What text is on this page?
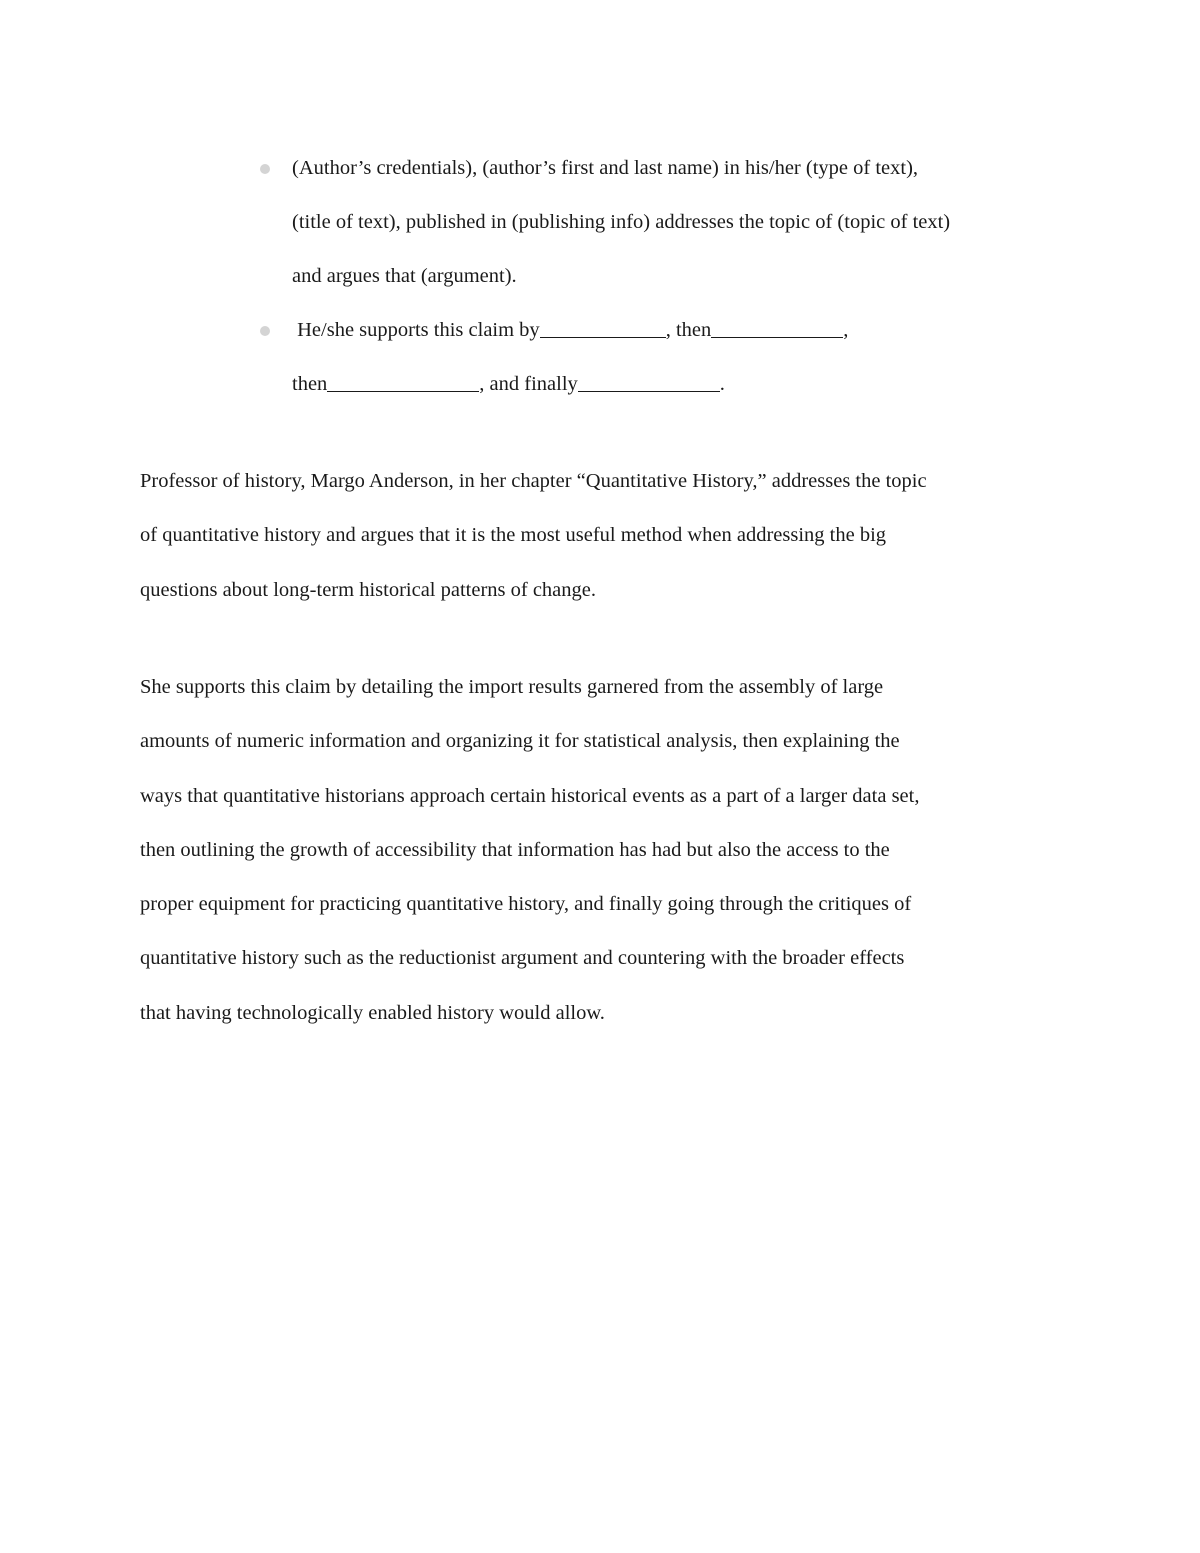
(Author’s credentials), (author’s first and last name) in his/her (type of text),
(title of text), published in (publishing info) addresses the topic of (topic of text)
and argues that (argument).
He/she supports this claim by	, then	,
then	, and finally	.

Professor of history, Margo Anderson, in her chapter “Quantitative History,” addresses the topic
of quantitative history and argues that it is the most useful method when addressing the big
questions about long-term historical patterns of change.

She supports this claim by detailing the import results garnered from the assembly of large
amounts of numeric information and organizing it for statistical analysis, then explaining the
ways that quantitative historians approach certain historical events as a part of a larger data set,
then outlining the growth of accessibility that information has had but also the access to the
proper equipment for practicing quantitative history, and finally going through the critiques of
quantitative history such as the reductionist argument and countering with the broader effects
that having technologically enabled history would allow.
